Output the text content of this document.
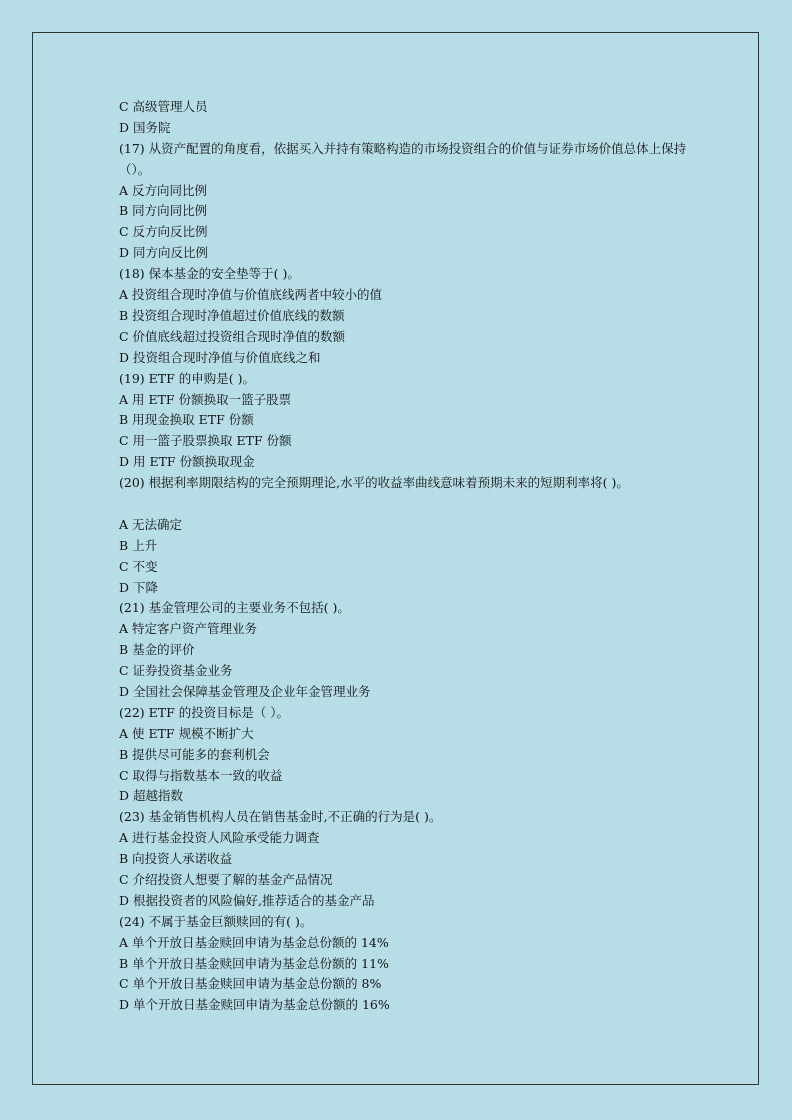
C 高级管理人员
D 国务院
(17) 从资产配置的角度看，依据买入并持有策略构造的市场投资组合的价值与证券市场价值总体上保持（）。
A 反方向同比例
B 同方向同比例
C 反方向反比例
D 同方向反比例
(18) 保本基金的安全垫等于( )。
A 投资组合现时净值与价值底线两者中较小的值
B 投资组合现时净值超过价值底线的数额
C 价值底线超过投资组合现时净值的数额
D 投资组合现时净值与价值底线之和
(19) ETF 的申购是( )。
A 用 ETF 份额换取一篮子股票
B 用现金换取 ETF 份额
C 用一篮子股票换取 ETF 份额
D 用 ETF 份额换取现金
(20) 根据利率期限结构的完全预期理论,水平的收益率曲线意味着预期未来的短期利率将( )。
A 无法确定
B 上升
C 不变
D 下降
(21) 基金管理公司的主要业务不包括( )。
A 特定客户资产管理业务
B 基金的评价
C 证券投资基金业务
D 全国社会保障基金管理及企业年金管理业务
(22) ETF 的投资目标是（ ）。
A 使 ETF 规模不断扩大
B 提供尽可能多的套利机会
C 取得与指数基本一致的收益
D 超越指数
(23) 基金销售机构人员在销售基金时,不正确的行为是( )。
A 进行基金投资人风险承受能力调查
B 向投资人承诺收益
C 介绍投资人想要了解的基金产品情况
D 根据投资者的风险偏好,推荐适合的基金产品
(24) 不属于基金巨额赎回的有( )。
A 单个开放日基金赎回申请为基金总份额的 14%
B 单个开放日基金赎回申请为基金总份额的 11%
C 单个开放日基金赎回申请为基金总份额的 8%
D 单个开放日基金赎回申请为基金总份额的 16%
